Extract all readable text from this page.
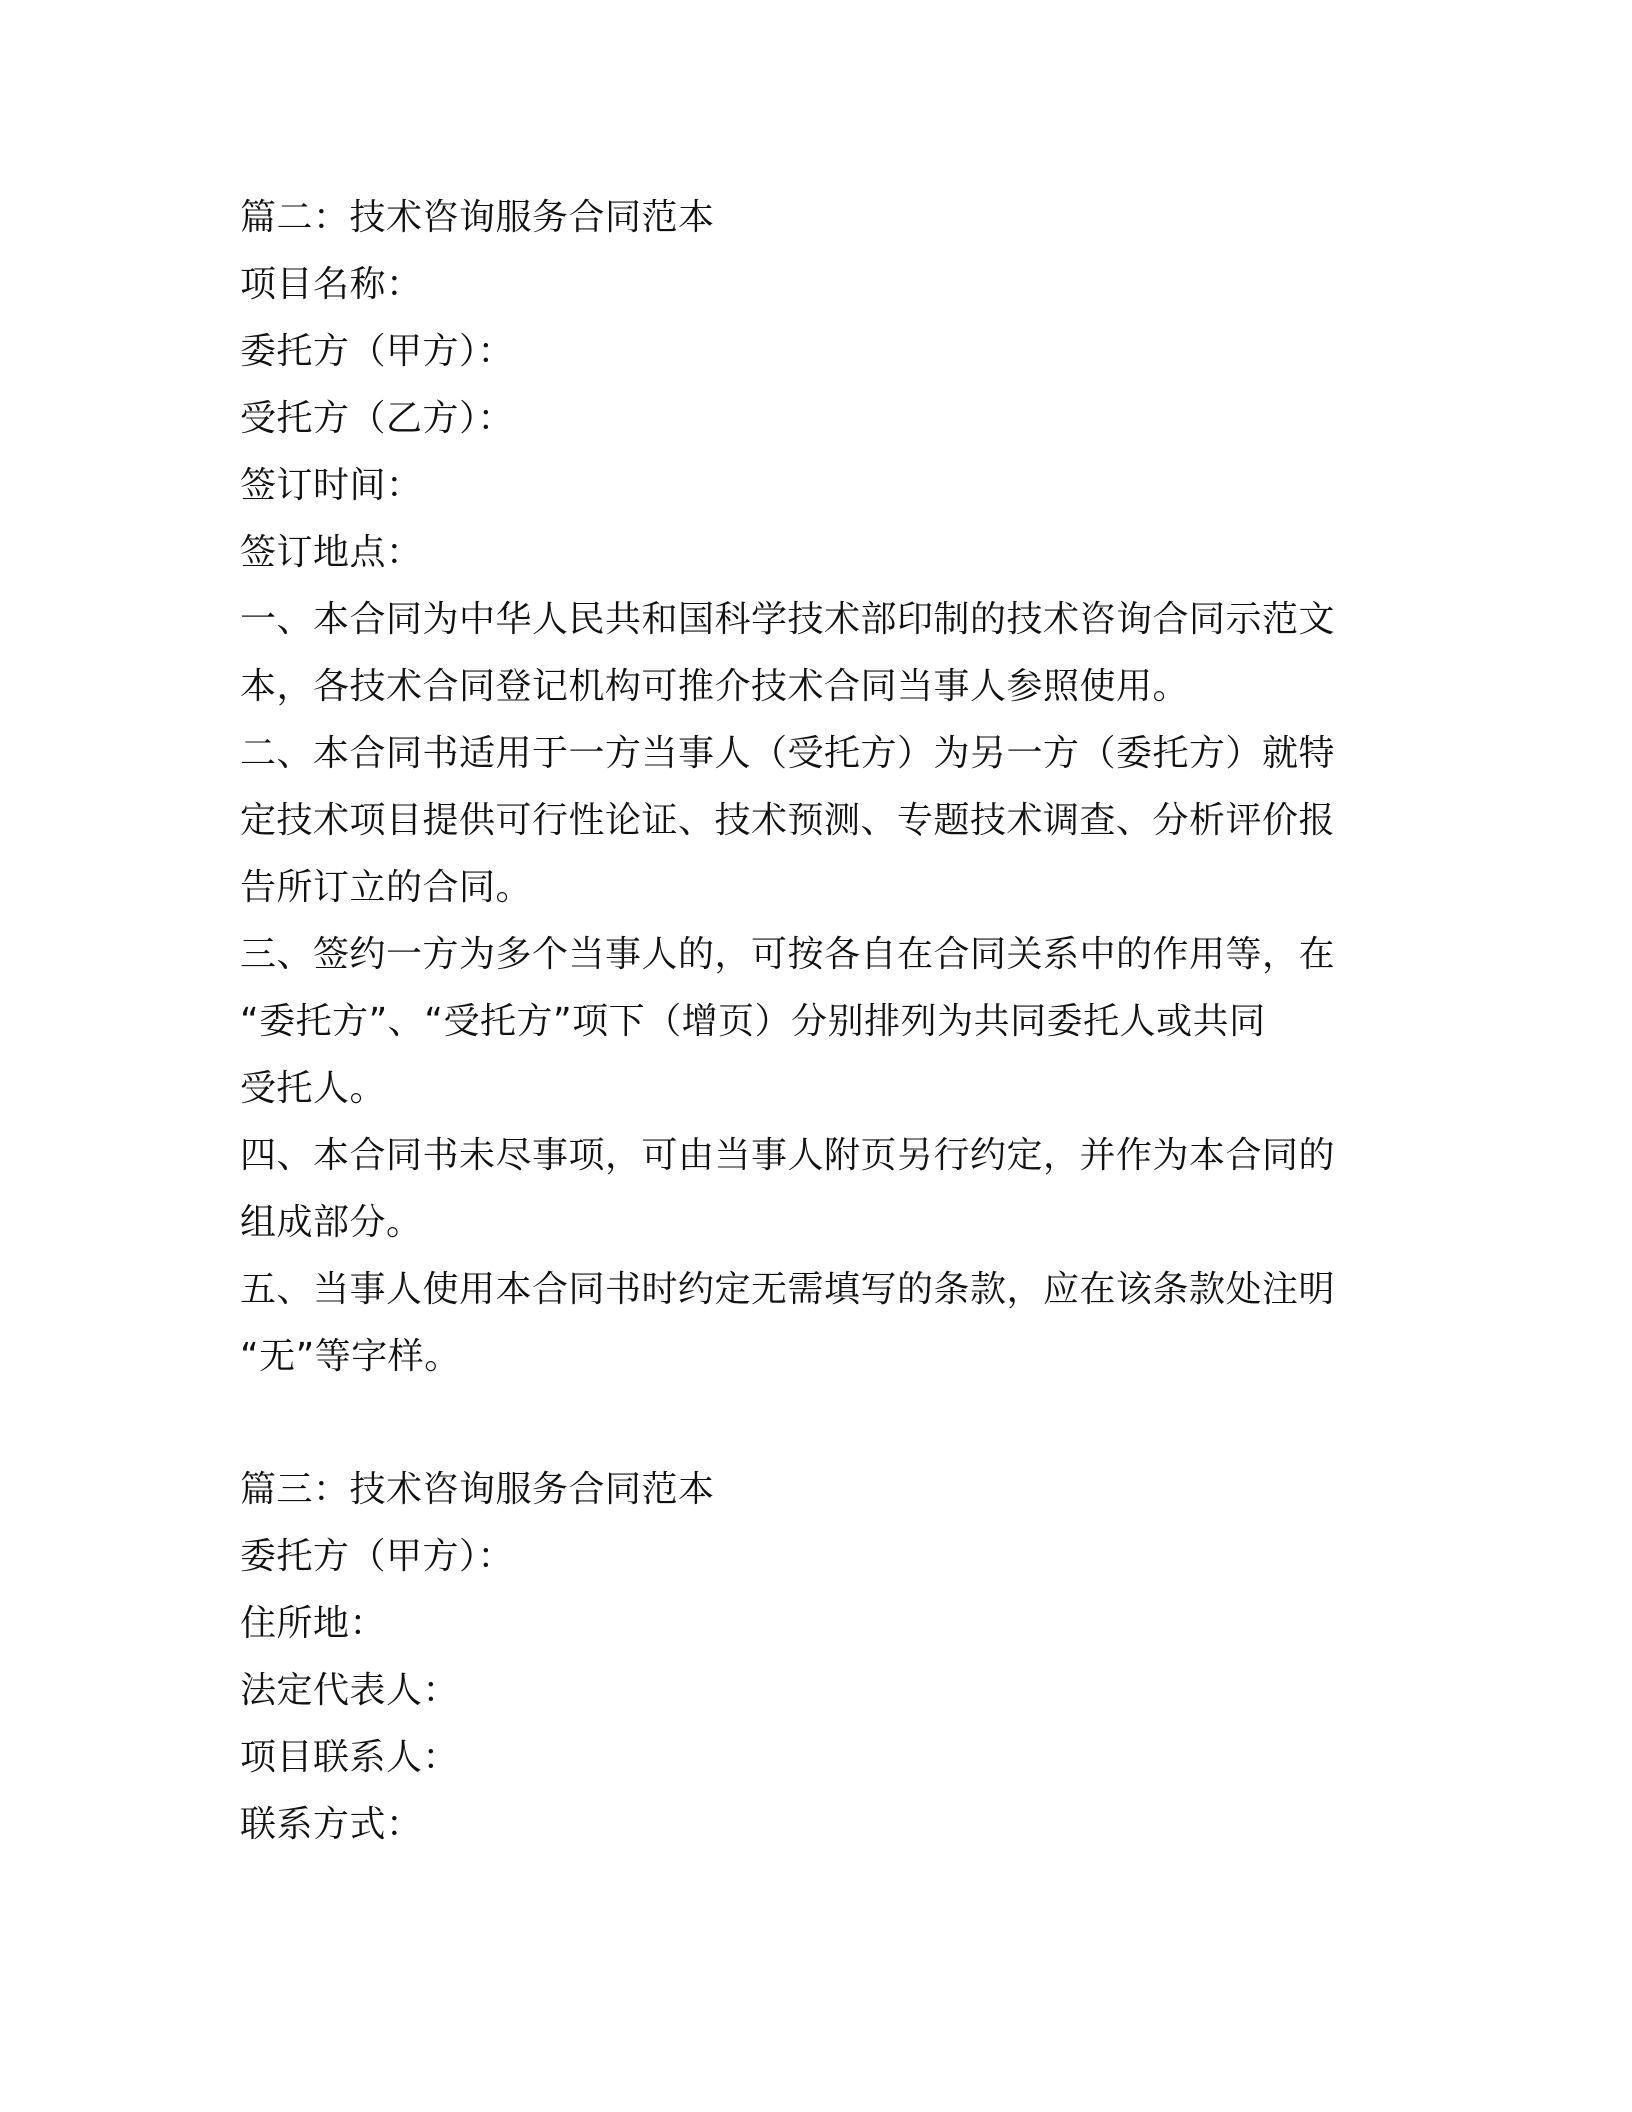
篇二：技术咨询服务合同范本
项目名称：
委托方（甲方）：
受托方（乙方）：
签订时间：
签订地点：
一、本合同为中华人民共和国科学技术部印制的技术咨询合同示范文
本，各技术合同登记机构可推介技术合同当事人参照使用。
二、本合同书适用于一方当事人（受托方）为另一方（委托方）就特
定技术项目提供可行性论证、技术预测、专题技术调查、分析评价报
告所订立的合同。
三、签约一方为多个当事人的，可按各自在合同关系中的作用等，在
“委托方”、“受托方”项下（增页）分别排列为共同委托人或共同
受托人。
四、本合同书未尽事项，可由当事人附页另行约定，并作为本合同的
组成部分。
五、当事人使用本合同书时约定无需填写的条款，应在该条款处注明
“无”等字样。
篇三：技术咨询服务合同范本
委托方（甲方）：
住所地：
法定代表人：
项目联系人：
联系方式：
